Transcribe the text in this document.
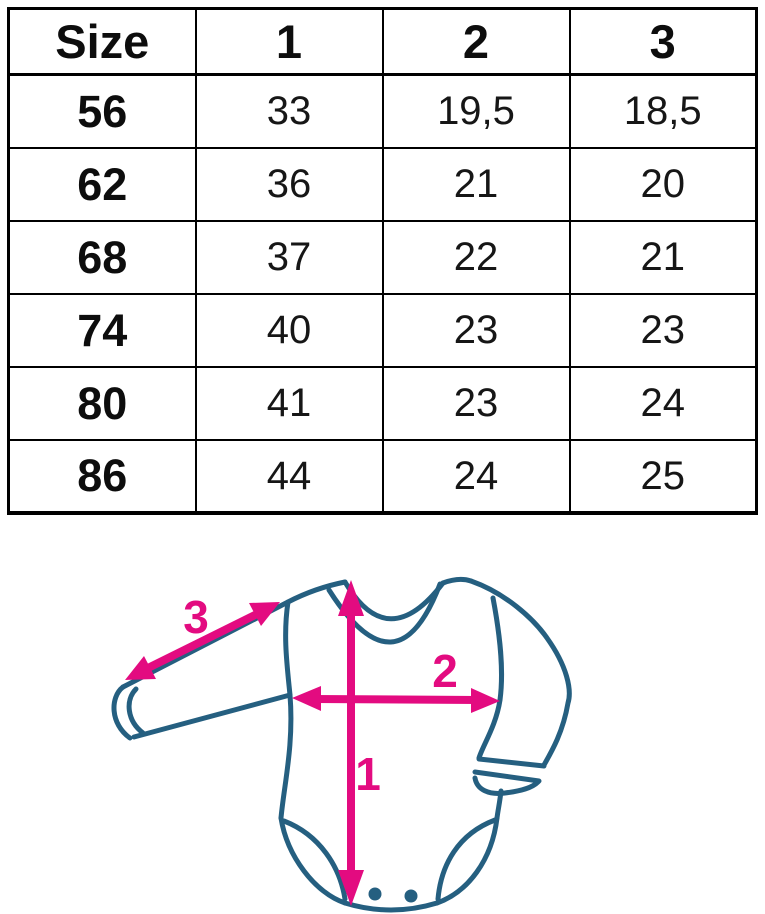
Size	1	2	3
56	33	19,5	18,5
62	36	21	20
68	37	22	21
74	40	23	23
80	41	23	24
86	44	24	25
1
2
3
